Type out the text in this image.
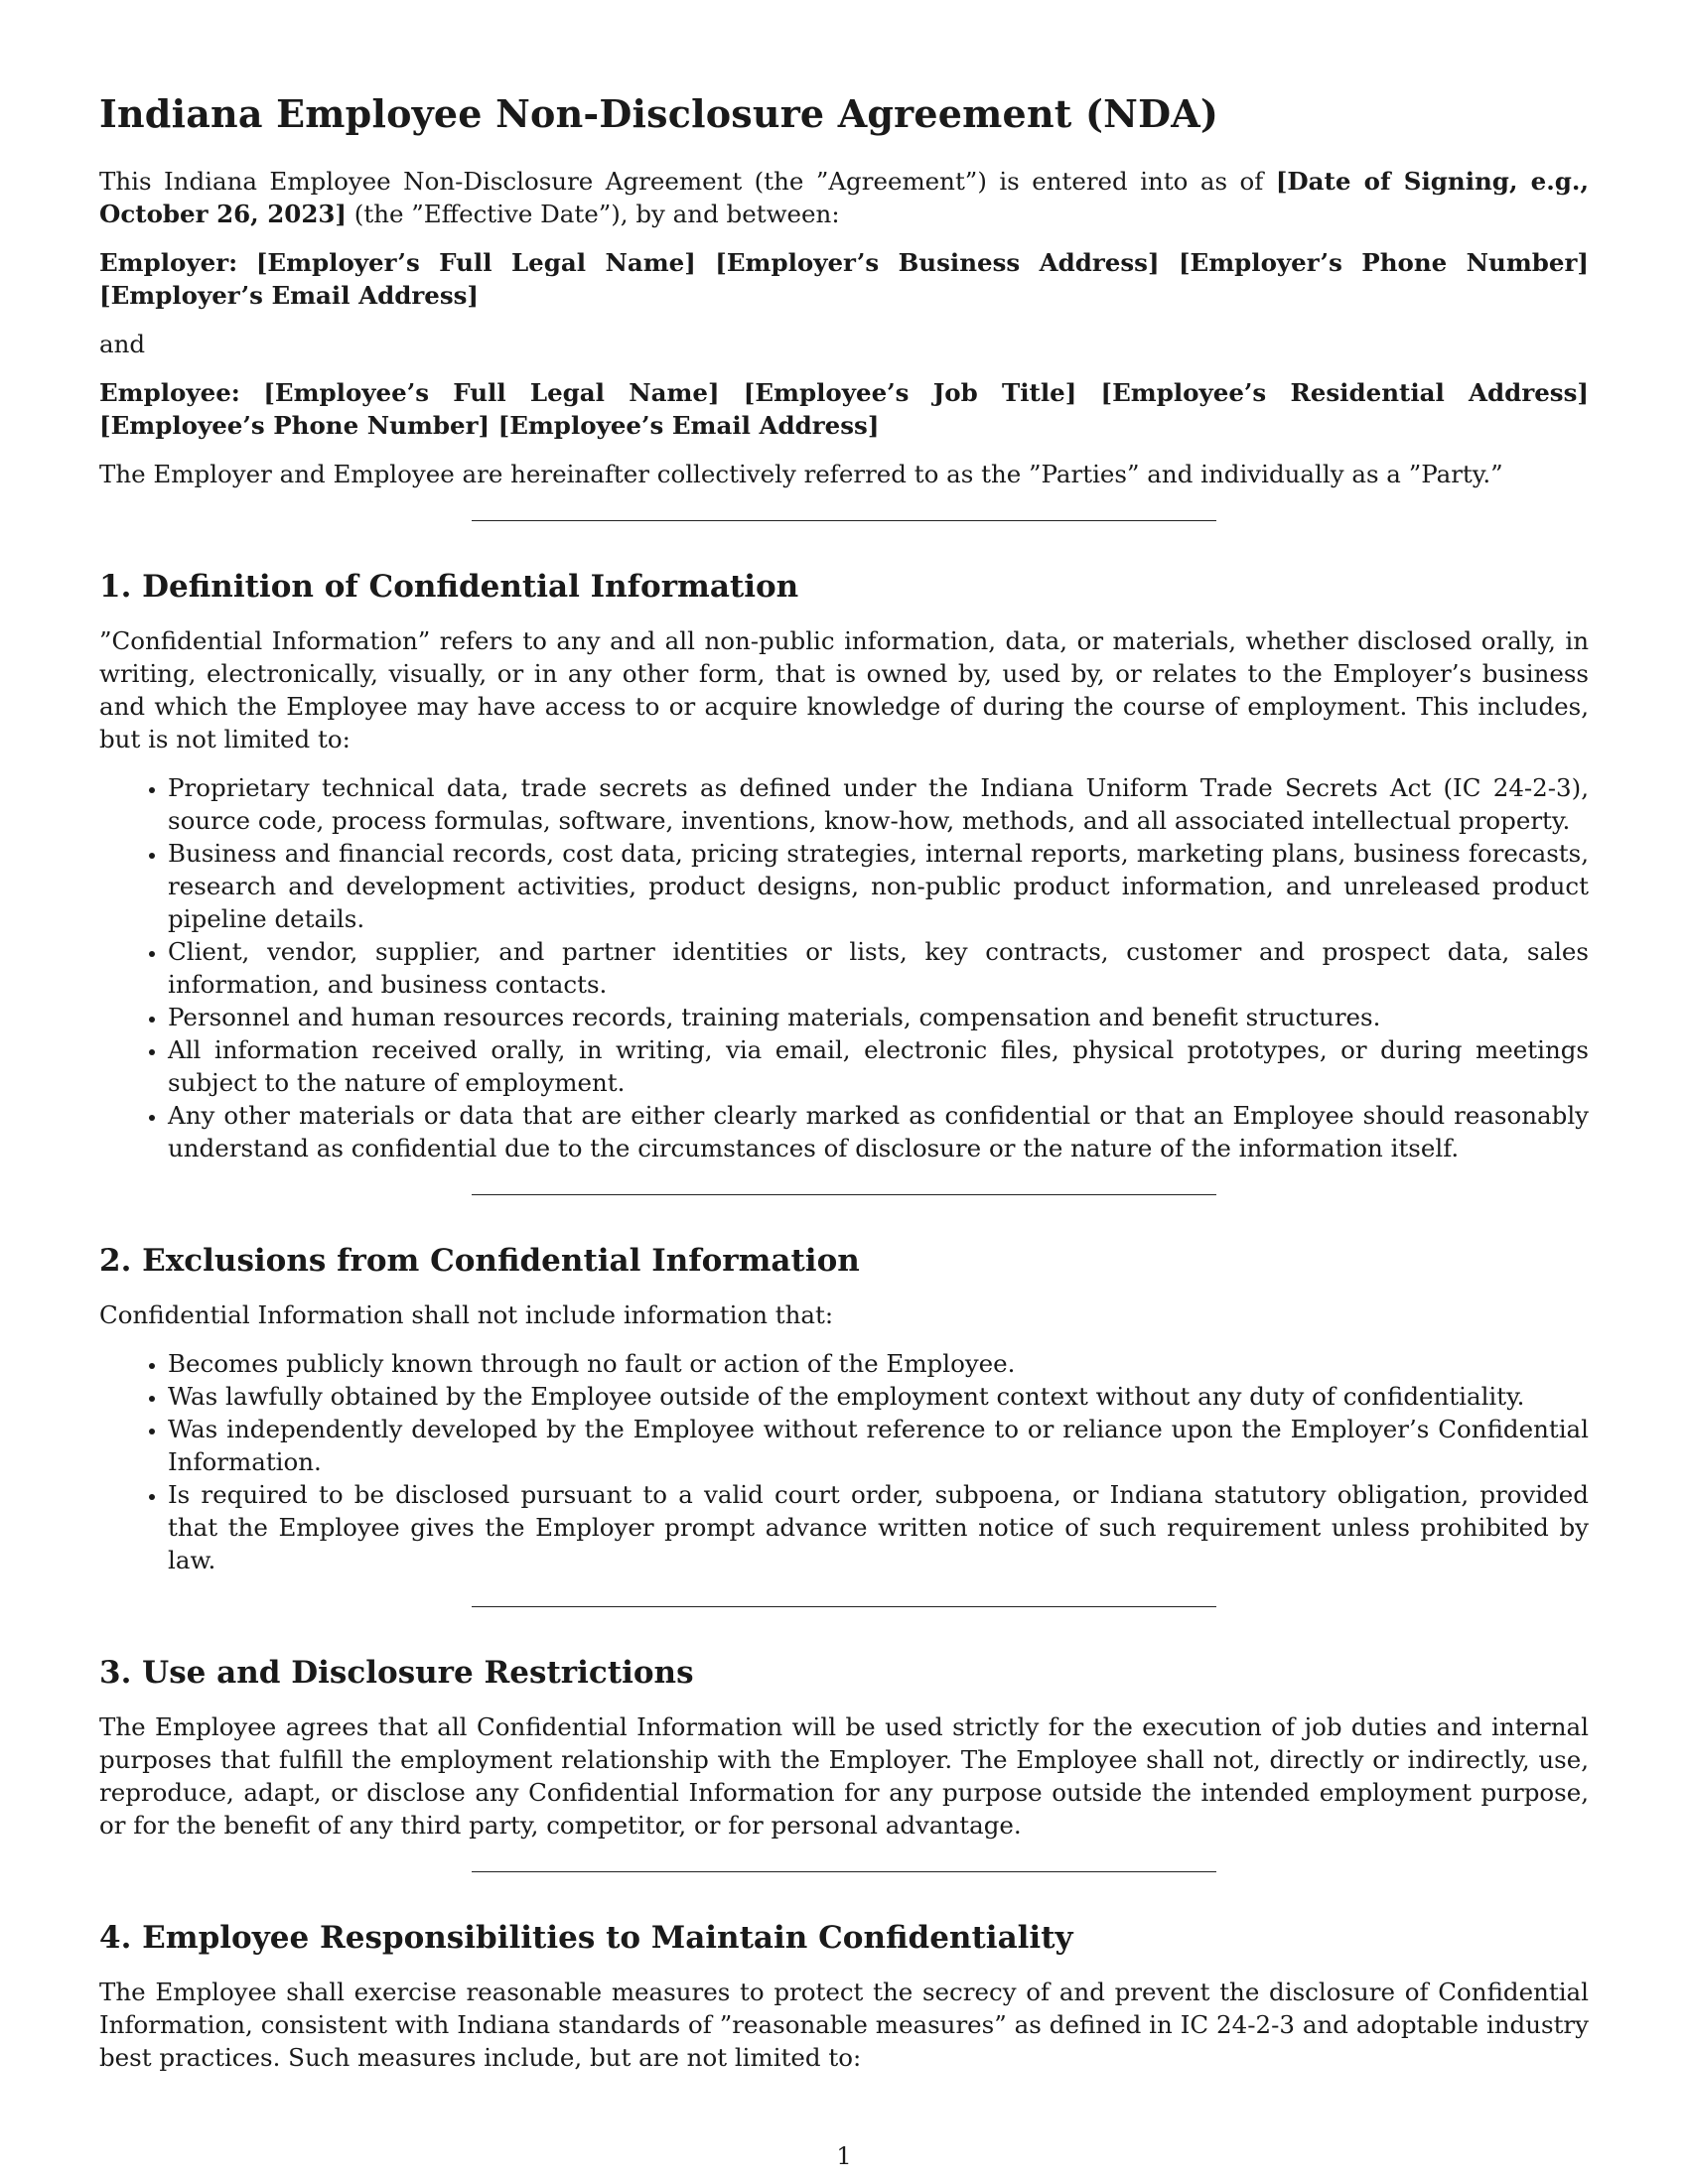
Indiana Employee Non-Disclosure Agreement (NDA)

This Indiana Employee Non-Disclosure Agreement (the ”Agreement”) is entered into as of [Date of Signing, e.g., October 26, 2023] (the ”Effective Date”), by and between:

Employer: [Employer’s Full Legal Name] [Employer’s Business Address] [Employer’s Phone Number] [Employer’s Email Address]

and

Employee: [Employee’s Full Legal Name] [Employee’s Job Title] [Employee’s Residential Address] [Employee’s Phone Number] [Employee’s Email Address]

The Employer and Employee are hereinafter collectively referred to as the ”Parties” and individually as a ”Party.”

1. Definition of Confidential Information

”Confidential Information” refers to any and all non-public information, data, or materials, whether disclosed orally, in writing, electronically, visually, or in any other form, that is owned by, used by, or relates to the Employer’s business and which the Employee may have access to or acquire knowledge of during the course of employment. This includes, but is not limited to:

• Proprietary technical data, trade secrets as defined under the Indiana Uniform Trade Secrets Act (IC 24-2-3), source code, process formulas, software, inventions, know-how, methods, and all associated intellectual property.
• Business and financial records, cost data, pricing strategies, internal reports, marketing plans, business forecasts, research and development activities, product designs, non-public product information, and unreleased product pipeline details.
• Client, vendor, supplier, and partner identities or lists, key contracts, customer and prospect data, sales information, and business contacts.
• Personnel and human resources records, training materials, compensation and benefit structures.
• All information received orally, in writing, via email, electronic files, physical prototypes, or during meetings subject to the nature of employment.
• Any other materials or data that are either clearly marked as confidential or that an Employee should reasonably understand as confidential due to the circumstances of disclosure or the nature of the information itself.
2. Exclusions from Confidential Information

Confidential Information shall not include information that:

• Becomes publicly known through no fault or action of the Employee.
• Was lawfully obtained by the Employee outside of the employment context without any duty of confidentiality.
• Was independently developed by the Employee without reference to or reliance upon the Employer’s Confidential Information.
• Is required to be disclosed pursuant to a valid court order, subpoena, or Indiana statutory obligation, provided that the Employee gives the Employer prompt advance written notice of such requirement unless prohibited by law.
3. Use and Disclosure Restrictions

The Employee agrees that all Confidential Information will be used strictly for the execution of job duties and internal purposes that fulfill the employment relationship with the Employer. The Employee shall not, directly or indirectly, use, reproduce, adapt, or disclose any Confidential Information for any purpose outside the intended employment purpose, or for the benefit of any third party, competitor, or for personal advantage.

4. Employee Responsibilities to Maintain Confidentiality

The Employee shall exercise reasonable measures to protect the secrecy of and prevent the disclosure of Confidential Information, consistent with Indiana standards of ”reasonable measures” as defined in IC 24-2-3 and adoptable industry best practices. Such measures include, but are not limited to:

1
